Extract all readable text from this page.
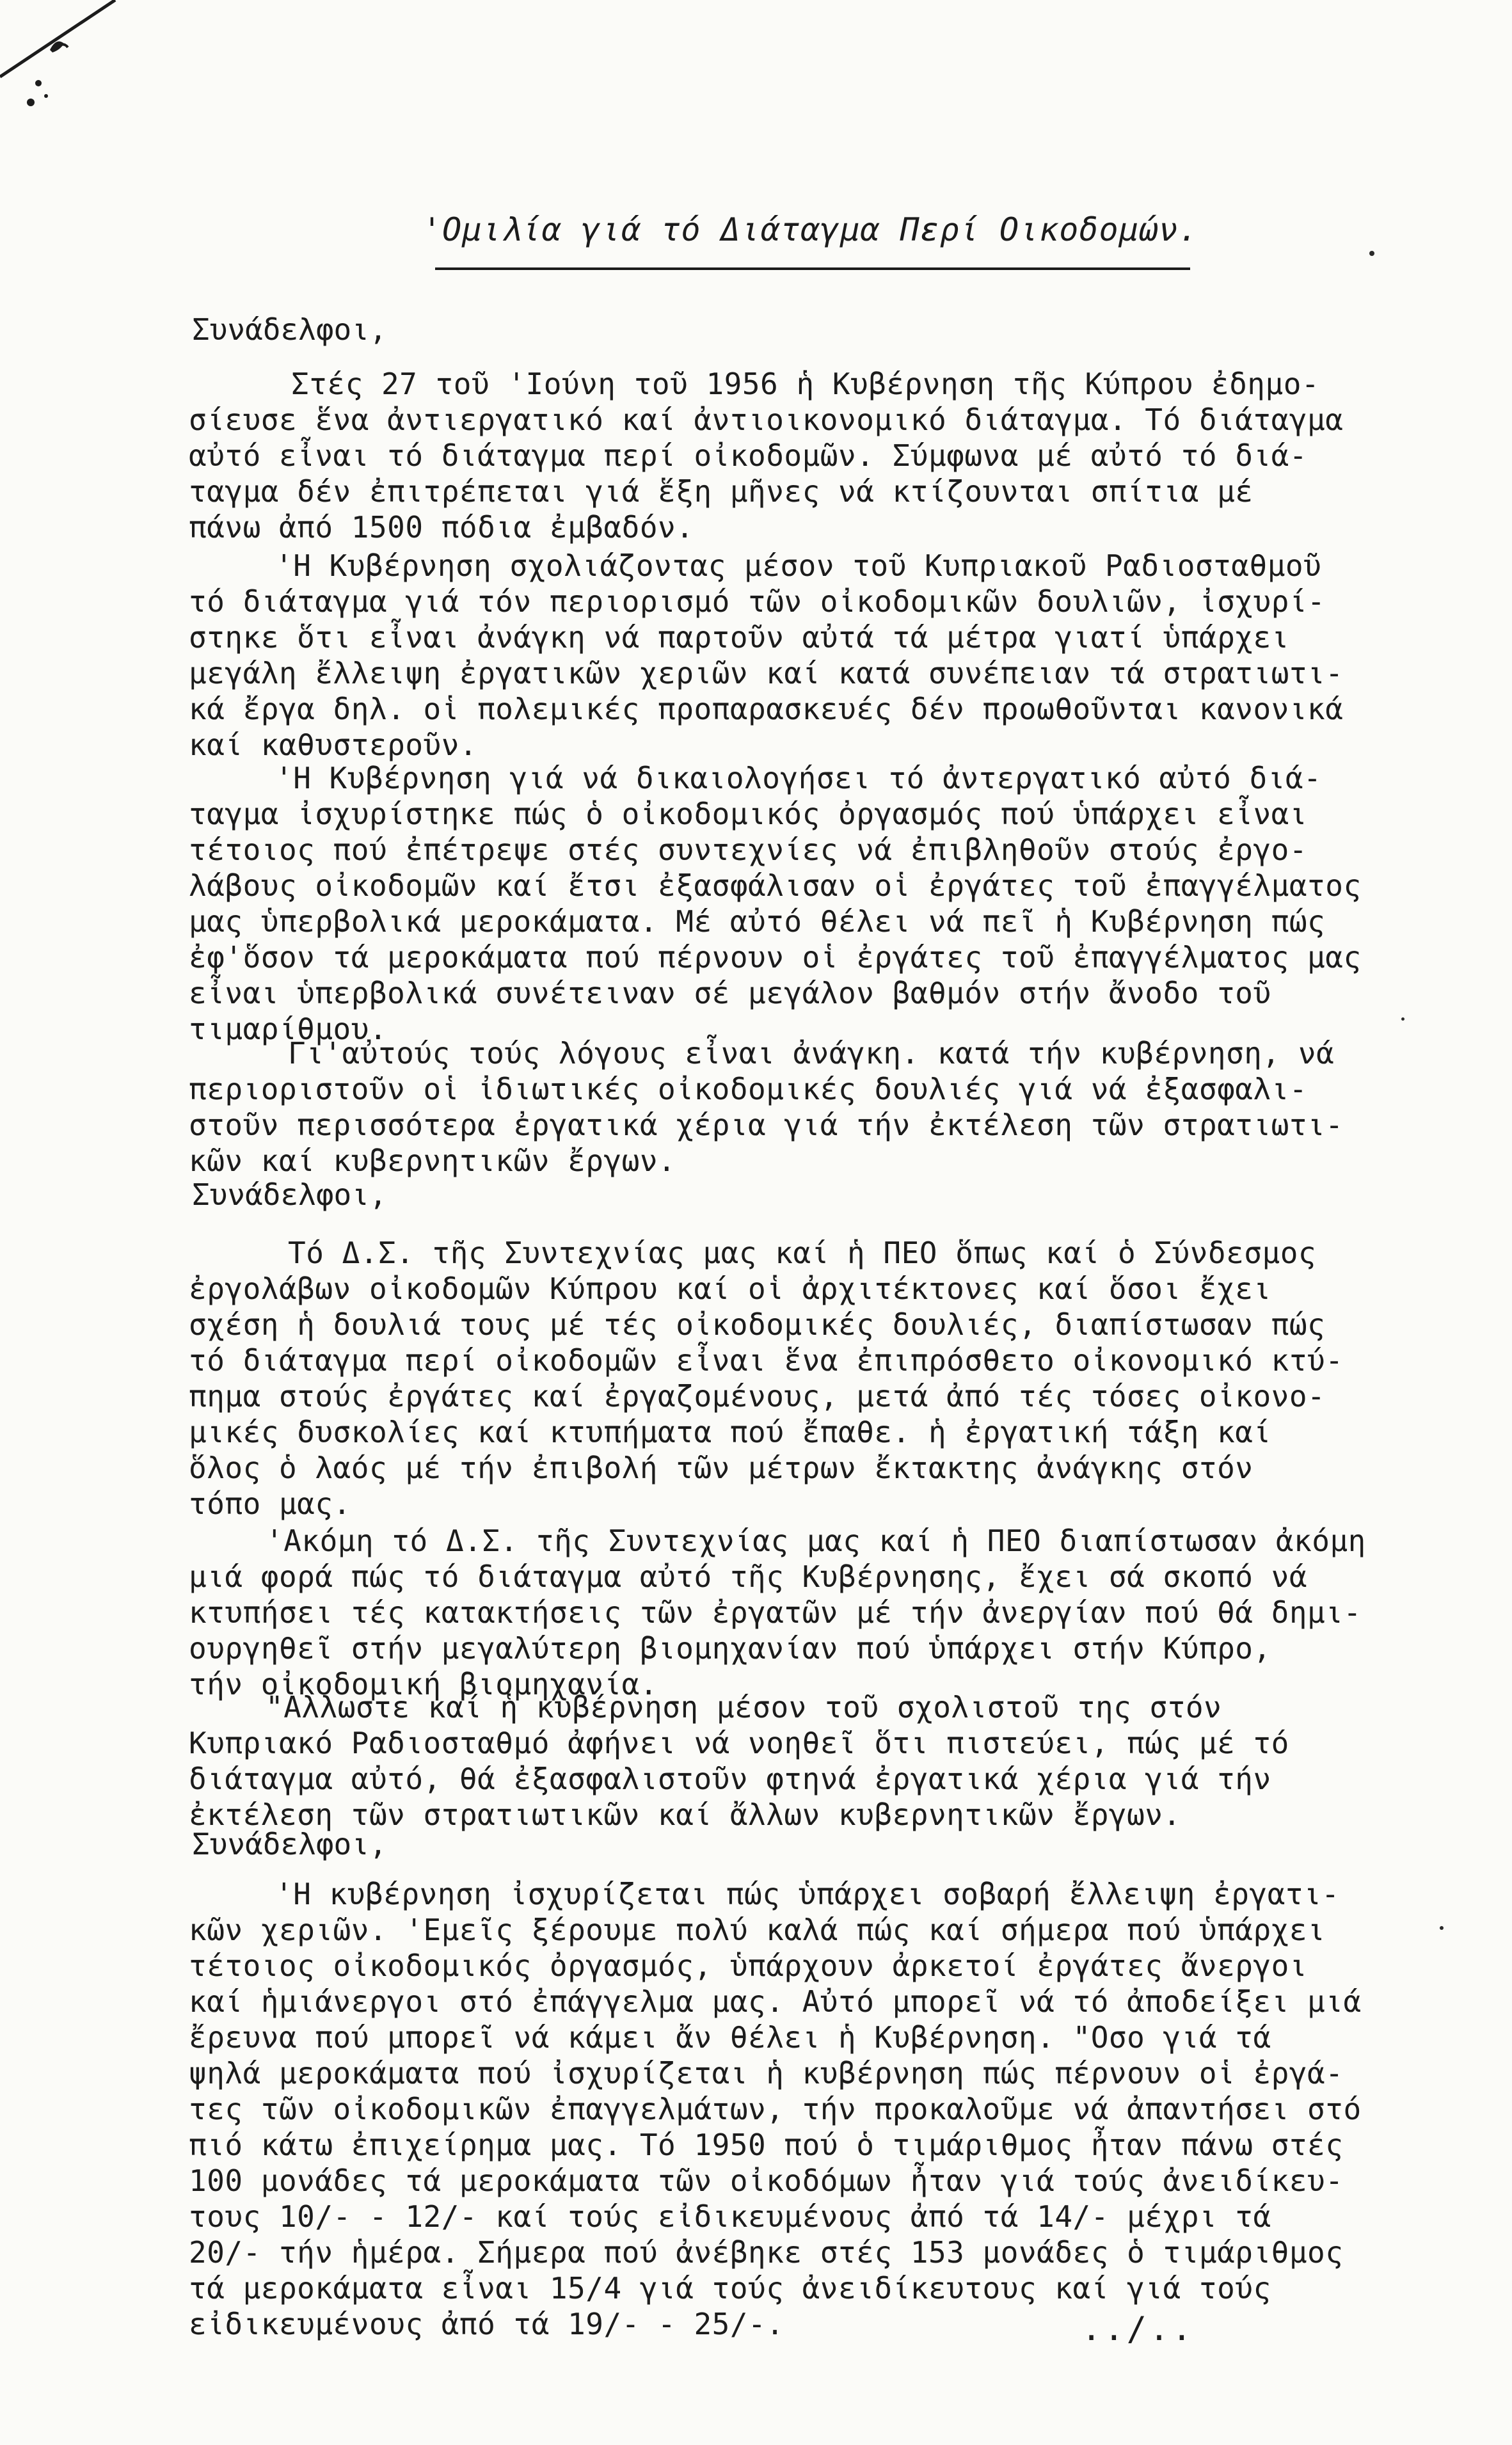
'Ομιλία γιά τό Διάταγμα Περί Οικοδομών.
Συνάδελφοι,
Στές 27 τοῦ 'Ιούνη τοῦ 1956 ἡ Κυβέρνηση τῆς Κύπρου ἐδημο-
σίευσε ἕνα ἀντιεργατικό καί ἀντιοικονομικό διάταγμα. Τό διάταγμα
αὐτό εἶναι τό διάταγμα περί οἰκοδομῶν. Σύμφωνα μέ αὐτό τό διά-
ταγμα δέν ἐπιτρέπεται γιά ἕξη μῆνες νά κτίζουνται σπίτια μέ
πάνω ἀπό 1500 πόδια ἐμβαδόν.
'Η Κυβέρνηση σχολιάζοντας μέσον τοῦ Κυπριακοῦ Ραδιοσταθμοῦ
τό διάταγμα γιά τόν περιορισμό τῶν οἰκοδομικῶν δουλιῶν, ἰσχυρί-
στηκε ὅτι εἶναι ἀνάγκη νά παρτοῦν αὐτά τά μέτρα γιατί ὑπάρχει
μεγάλη ἔλλειψη ἐργατικῶν χεριῶν καί κατά συνέπειαν τά στρατιωτι-
κά ἔργα δηλ. οἱ πολεμικές προπαρασκευές δέν προωθοῦνται κανονικά
καί καθυστεροῦν.
'Η Κυβέρνηση γιά νά δικαιολογήσει τό ἀντεργατικό αὐτό διά-
ταγμα ἰσχυρίστηκε πώς ὁ οἰκοδομικός ὀργασμός πού ὑπάρχει εἶναι
τέτοιος πού ἐπέτρεψε στές συντεχνίες νά ἐπιβληθοῦν στούς ἐργο-
λάβους οἰκοδομῶν καί ἔτσι ἐξασφάλισαν οἱ ἐργάτες τοῦ ἐπαγγέλματος
μας ὑπερβολικά μεροκάματα. Μέ αὐτό θέλει νά πεῖ ἡ Κυβέρνηση πώς
ἐφ'ὅσον τά μεροκάματα πού πέρνουν οἱ ἐργάτες τοῦ ἐπαγγέλματος μας
εἶναι ὑπερβολικά συνέτειναν σέ μεγάλον βαθμόν στήν ἄνοδο τοῦ
τιμαρίθμου.
Γι'αὐτούς τούς λόγους εἶναι ἀνάγκη. κατά τήν κυβέρνηση, νά
περιοριστοῦν οἱ ἰδιωτικές οἰκοδομικές δουλιές γιά νά ἐξασφαλι-
στοῦν περισσότερα ἐργατικά χέρια γιά τήν ἐκτέλεση τῶν στρατιωτι-
κῶν καί κυβερνητικῶν ἔργων.
Συνάδελφοι,
Τό Δ.Σ. τῆς Συντεχνίας μας καί ἡ ΠΕΟ ὅπως καί ὁ Σύνδεσμος
ἐργολάβων οἰκοδομῶν Κύπρου καί οἱ ἀρχιτέκτονες καί ὅσοι ἔχει
σχέση ἡ δουλιά τους μέ τές οἰκοδομικές δουλιές, διαπίστωσαν πώς
τό διάταγμα περί οἰκοδομῶν εἶναι ἕνα ἐπιπρόσθετο οἰκονομικό κτύ-
πημα στούς ἐργάτες καί ἐργαζομένους, μετά ἀπό τές τόσες οἰκονο-
μικές δυσκολίες καί κτυπήματα πού ἔπαθε. ἡ ἐργατική τάξη καί
ὅλος ὁ λαός μέ τήν ἐπιβολή τῶν μέτρων ἔκτακτης ἀνάγκης στόν
τόπο μας.
'Ακόμη τό Δ.Σ. τῆς Συντεχνίας μας καί ἡ ΠΕΟ διαπίστωσαν ἀκόμη
μιά φορά πώς τό διάταγμα αὐτό τῆς Κυβέρνησης, ἔχει σά σκοπό νά
κτυπήσει τές κατακτήσεις τῶν ἐργατῶν μέ τήν ἀνεργίαν πού θά δημι-
ουργηθεῖ στήν μεγαλύτερη βιομηχανίαν πού ὑπάρχει στήν Κύπρο,
τήν οἰκοδομική βιομηχανία.
"Αλλωστε καί ἡ κυβέρνηση μέσον τοῦ σχολιστοῦ της στόν
Κυπριακό Ραδιοσταθμό ἀφήνει νά νοηθεῖ ὅτι πιστεύει, πώς μέ τό
διάταγμα αὐτό, θά ἐξασφαλιστοῦν φτηνά ἐργατικά χέρια γιά τήν
ἐκτέλεση τῶν στρατιωτικῶν καί ἄλλων κυβερνητικῶν ἔργων.
Συνάδελφοι,
'Η κυβέρνηση ἰσχυρίζεται πώς ὑπάρχει σοβαρή ἔλλειψη ἐργατι-
κῶν χεριῶν. 'Εμεῖς ξέρουμε πολύ καλά πώς καί σήμερα πού ὑπάρχει
τέτοιος οἰκοδομικός ὀργασμός, ὑπάρχουν ἀρκετοί ἐργάτες ἄνεργοι
καί ἡμιάνεργοι στό ἐπάγγελμα μας. Αὐτό μπορεῖ νά τό ἀποδείξει μιά
ἔρευνα πού μπορεῖ νά κάμει ἄν θέλει ἡ Κυβέρνηση. "Οσο γιά τά
ψηλά μεροκάματα πού ἰσχυρίζεται ἡ κυβέρνηση πώς πέρνουν οἱ ἐργά-
τες τῶν οἰκοδομικῶν ἐπαγγελμάτων, τήν προκαλοῦμε νά ἀπαντήσει στό
πιό κάτω ἐπιχείρημα μας. Τό 1950 πού ὁ τιμάριθμος ἦταν πάνω στές
100 μονάδες τά μεροκάματα τῶν οἰκοδόμων ἦταν γιά τούς ἀνειδίκευ-
τους 10/- - 12/- καί τούς εἰδικευμένους ἀπό τά 14/- μέχρι τά
20/- τήν ἡμέρα. Σήμερα πού ἀνέβηκε στές 153 μονάδες ὁ τιμάριθμος
τά μεροκάματα εἶναι 15/4 γιά τούς ἀνειδίκευτους καί γιά τούς
εἰδικευμένους ἀπό τά 19/- - 25/-.	../..
